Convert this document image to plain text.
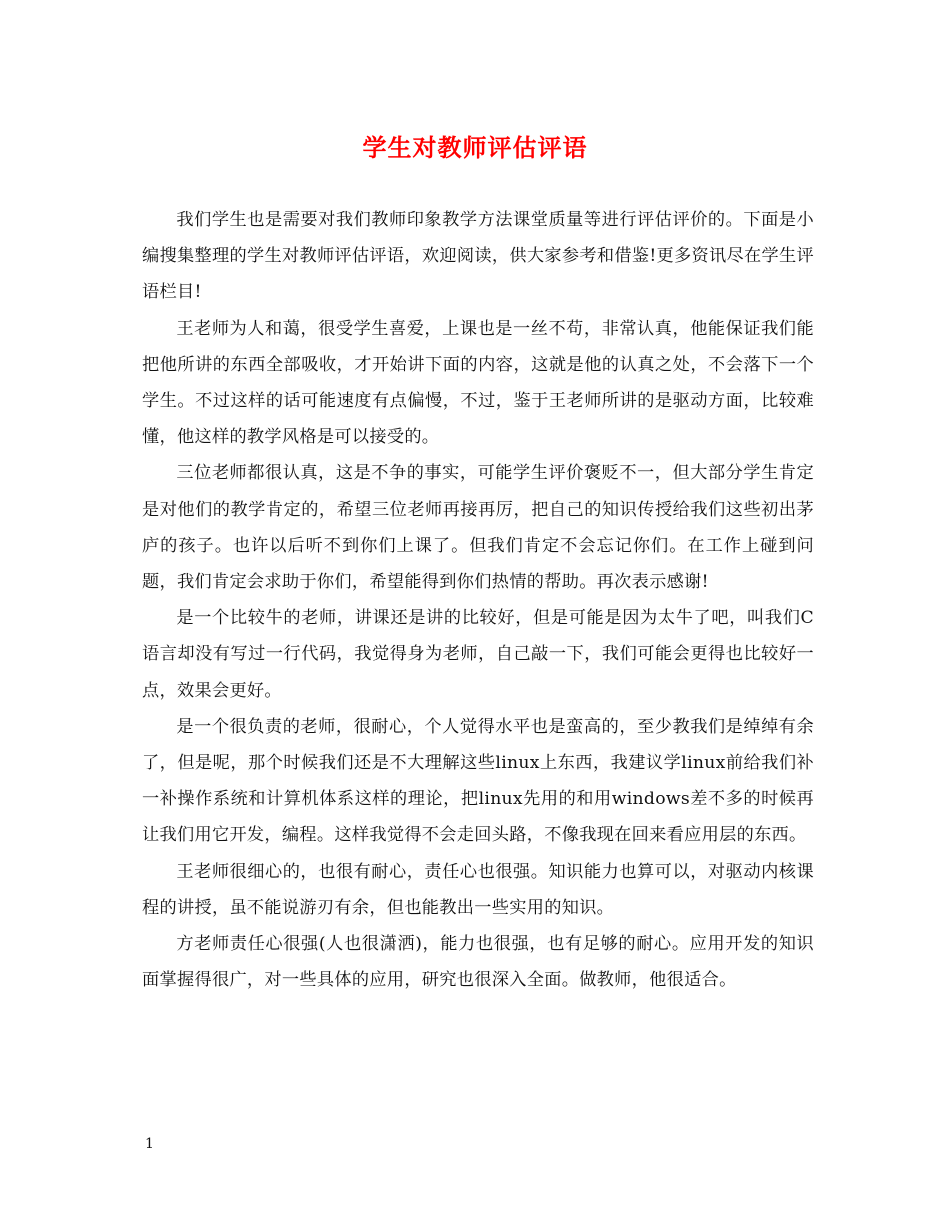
学生对教师评估评语

我们学生也是需要对我们教师印象教学方法课堂质量等进行评估评价的。下面是小编搜集整理的学生对教师评估评语，欢迎阅读，供大家参考和借鉴!更多资讯尽在学生评语栏目!

王老师为人和蔼，很受学生喜爱，上课也是一丝不苟，非常认真，他能保证我们能把他所讲的东西全部吸收，才开始讲下面的内容，这就是他的认真之处，不会落下一个学生。不过这样的话可能速度有点偏慢，不过，鉴于王老师所讲的是驱动方面，比较难懂，他这样的教学风格是可以接受的。

三位老师都很认真，这是不争的事实，可能学生评价褒贬不一，但大部分学生肯定是对他们的教学肯定的，希望三位老师再接再厉，把自己的知识传授给我们这些初出茅庐的孩子。也许以后听不到你们上课了。但我们肯定不会忘记你们。在工作上碰到问题，我们肯定会求助于你们，希望能得到你们热情的帮助。再次表示感谢!

是一个比较牛的老师，讲课还是讲的比较好，但是可能是因为太牛了吧，叫我们C语言却没有写过一行代码，我觉得身为老师，自己敲一下，我们可能会更得也比较好一点，效果会更好。

是一个很负责的老师，很耐心，个人觉得水平也是蛮高的，至少教我们是绰绰有余了，但是呢，那个时候我们还是不大理解这些linux上东西，我建议学linux前给我们补一补操作系统和计算机体系这样的理论，把linux先用的和用windows差不多的时候再让我们用它开发，编程。这样我觉得不会走回头路，不像我现在回来看应用层的东西。

王老师很细心的，也很有耐心，责任心也很强。知识能力也算可以，对驱动内核课程的讲授，虽不能说游刃有余，但也能教出一些实用的知识。

方老师责任心很强(人也很潇洒)，能力也很强，也有足够的耐心。应用开发的知识面掌握得很广，对一些具体的应用，研究也很深入全面。做教师，他很适合。

1
